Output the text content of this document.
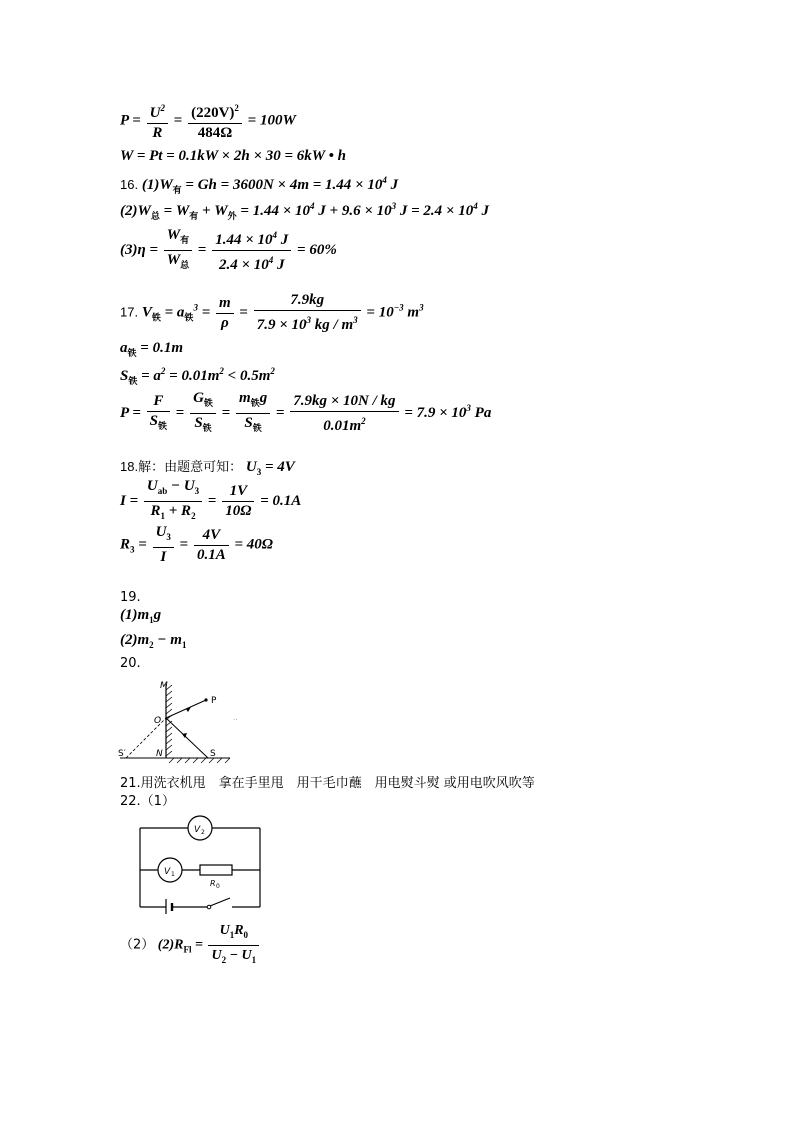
$P = \frac{U^2}{R} = \frac{(220V)^2}{484\Omega} = 100W$
W = Pt = 0.1kW × 2h × 30 = 6kW • h
16. $(1)W_有 = Gh = 3600N \times 4m = 1.44 \times 10^4$ J
$(2)W_总 = W_有 + W_外 = 1.44 \times 10^4$ $J + 9.6 \times 10^3$ $J = 2.4 \times 10^4$ J
$(3)\eta = \frac{W_有}{W_总} = \frac{1.44 \times 10^4 J}{2.4 \times 10^4 J} = 60\%$
17. $V_铁 = a_铁^3 = \frac{m}{\rho} = \frac{7.9kg}{7.9 \times 10^3 kg / m^3} = 10^{-3}$ $m^3$
$a_铁 = 0.1m$
$S_铁 = a^2 = 0.01m^2 < 0.5m^2$
$P = \frac{F}{S_铁} = \frac{G_铁}{S_铁} = \frac{m_铁g}{S_铁} = \frac{7.9kg \times 10N / kg}{0.01m^2} = 7.9 \times 10^3$ Pa
18.解：由题意可知： $U_3 = 4V$
$I = \frac{U_{ab} - U_3}{R_1 + R_2} = \frac{1V}{10\Omega} = 0.1A$
$R_3 = \frac{U_3}{I} = \frac{4V}{0.1A} = 40\Omega$
19.
$(1)m_1g$
$(2)m_2 - m_1$
20.
M
P
O
S′	N	S
..
21.用洗衣机甩　拿在手里甩　用干毛巾蘸　用电熨斗熨 或用电吹风吹等
22.（1）
V 2
V 1
R 0
（2） $(2)R_{Fl} = \frac{U_1R_0}{U_2 - U_1}$
